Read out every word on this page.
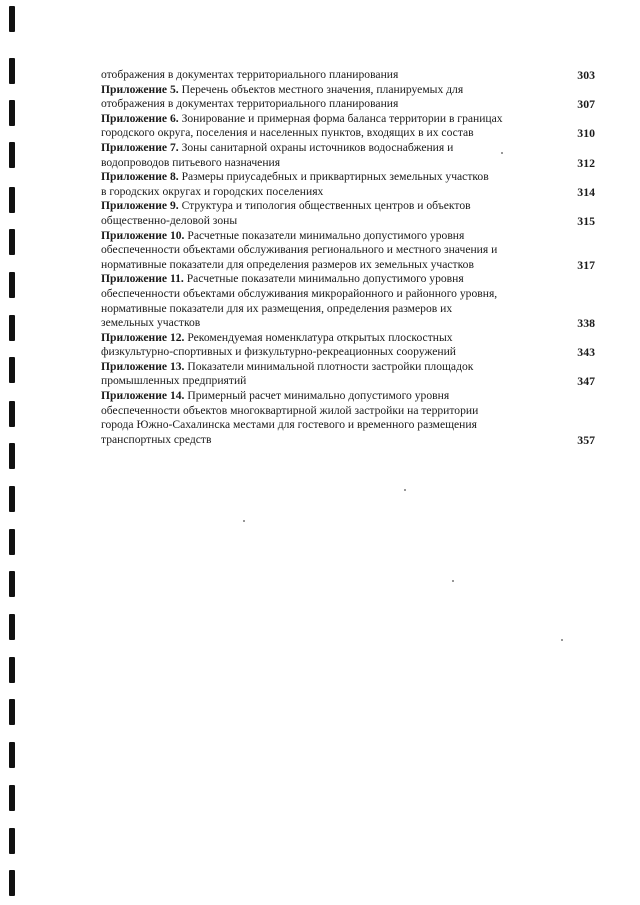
отображения в документах территориального планирования	303
Приложение 5. Перечень объектов местного значения, планируемых для
отображения в документах территориального планирования	307
Приложение 6. Зонирование и примерная форма баланса территории в границах
городского округа, поселения и населенных пунктов, входящих в их состав	310
Приложение 7. Зоны санитарной охраны источников водоснабжения и
водопроводов питьевого назначения	312
Приложение 8. Размеры приусадебных и приквартирных земельных участков
в городских округах и городских поселениях	314
Приложение 9. Структура и типология общественных центров и объектов
общественно-деловой зоны	315
Приложение 10. Расчетные показатели минимально допустимого уровня
обеспеченности объектами обслуживания регионального и местного значения и
нормативные показатели для определения размеров их земельных участков	317
Приложение 11. Расчетные показатели минимально допустимого уровня
обеспеченности объектами обслуживания микрорайонного и районного уровня,
нормативные показатели для их размещения, определения размеров их
земельных участков	338
Приложение 12. Рекомендуемая номенклатура открытых плоскостных
физкультурно-спортивных и физкультурно-рекреационных сооружений	343
Приложение 13. Показатели минимальной плотности застройки площадок
промышленных предприятий	347
Приложение 14. Примерный расчет минимально допустимого уровня
обеспеченности объектов многоквартирной жилой застройки на территории
города Южно-Сахалинска местами для гостевого и временного размещения
транспортных средств	357
